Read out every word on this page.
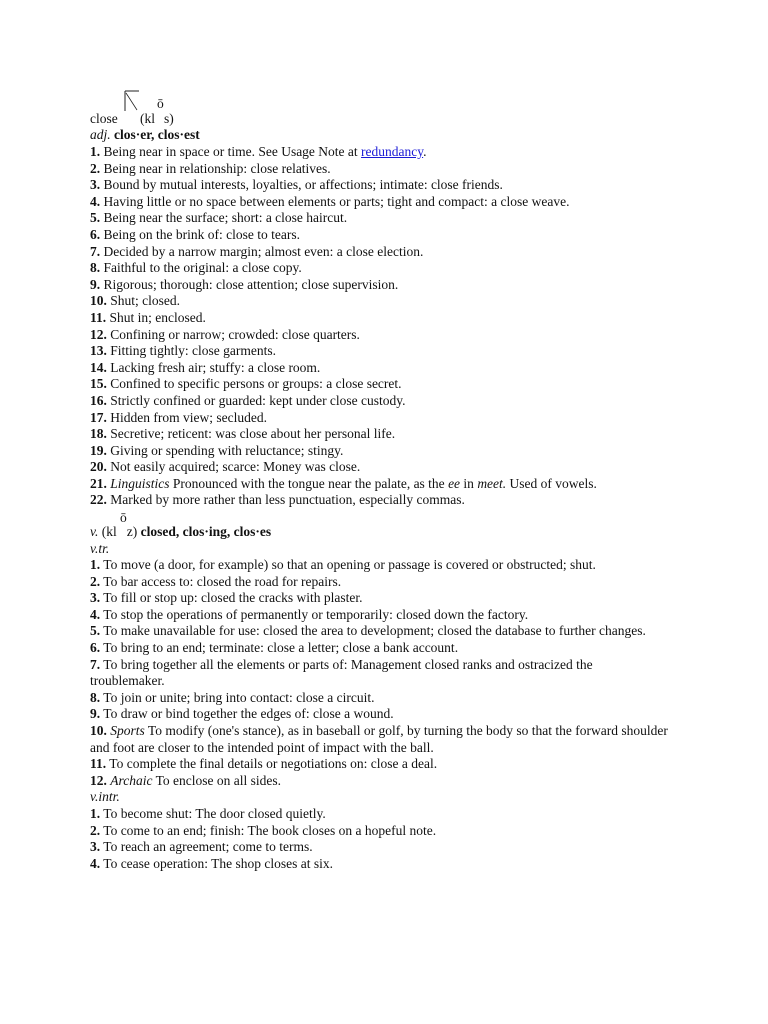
ō
close (kl s)
adj. clos·er, clos·est
1. Being near in space or time. See Usage Note at redundancy.
2. Being near in relationship: close relatives.
3. Bound by mutual interests, loyalties, or affections; intimate: close friends.
4. Having little or no space between elements or parts; tight and compact: a close weave.
5. Being near the surface; short: a close haircut.
6. Being on the brink of: close to tears.
7. Decided by a narrow margin; almost even: a close election.
8. Faithful to the original: a close copy.
9. Rigorous; thorough: close attention; close supervision.
10. Shut; closed.
11. Shut in; enclosed.
12. Confining or narrow; crowded: close quarters.
13. Fitting tightly: close garments.
14. Lacking fresh air; stuffy: a close room.
15. Confined to specific persons or groups: a close secret.
16. Strictly confined or guarded: kept under close custody.
17. Hidden from view; secluded.
18. Secretive; reticent: was close about her personal life.
19. Giving or spending with reluctance; stingy.
20. Not easily acquired; scarce: Money was close.
21. Linguistics Pronounced with the tongue near the palate, as the ee in meet. Used of vowels.
22. Marked by more rather than less punctuation, especially commas.
ō
v. (kl z) closed, clos·ing, clos·es
v.tr.
1. To move (a door, for example) so that an opening or passage is covered or obstructed; shut.
2. To bar access to: closed the road for repairs.
3. To fill or stop up: closed the cracks with plaster.
4. To stop the operations of permanently or temporarily: closed down the factory.
5. To make unavailable for use: closed the area to development; closed the database to further changes.
6. To bring to an end; terminate: close a letter; close a bank account.
7. To bring together all the elements or parts of: Management closed ranks and ostracized the troublemaker.
8. To join or unite; bring into contact: close a circuit.
9. To draw or bind together the edges of: close a wound.
10. Sports To modify (one's stance), as in baseball or golf, by turning the body so that the forward shoulder and foot are closer to the intended point of impact with the ball.
11. To complete the final details or negotiations on: close a deal.
12. Archaic To enclose on all sides.
v.intr.
1. To become shut: The door closed quietly.
2. To come to an end; finish: The book closes on a hopeful note.
3. To reach an agreement; come to terms.
4. To cease operation: The shop closes at six.
